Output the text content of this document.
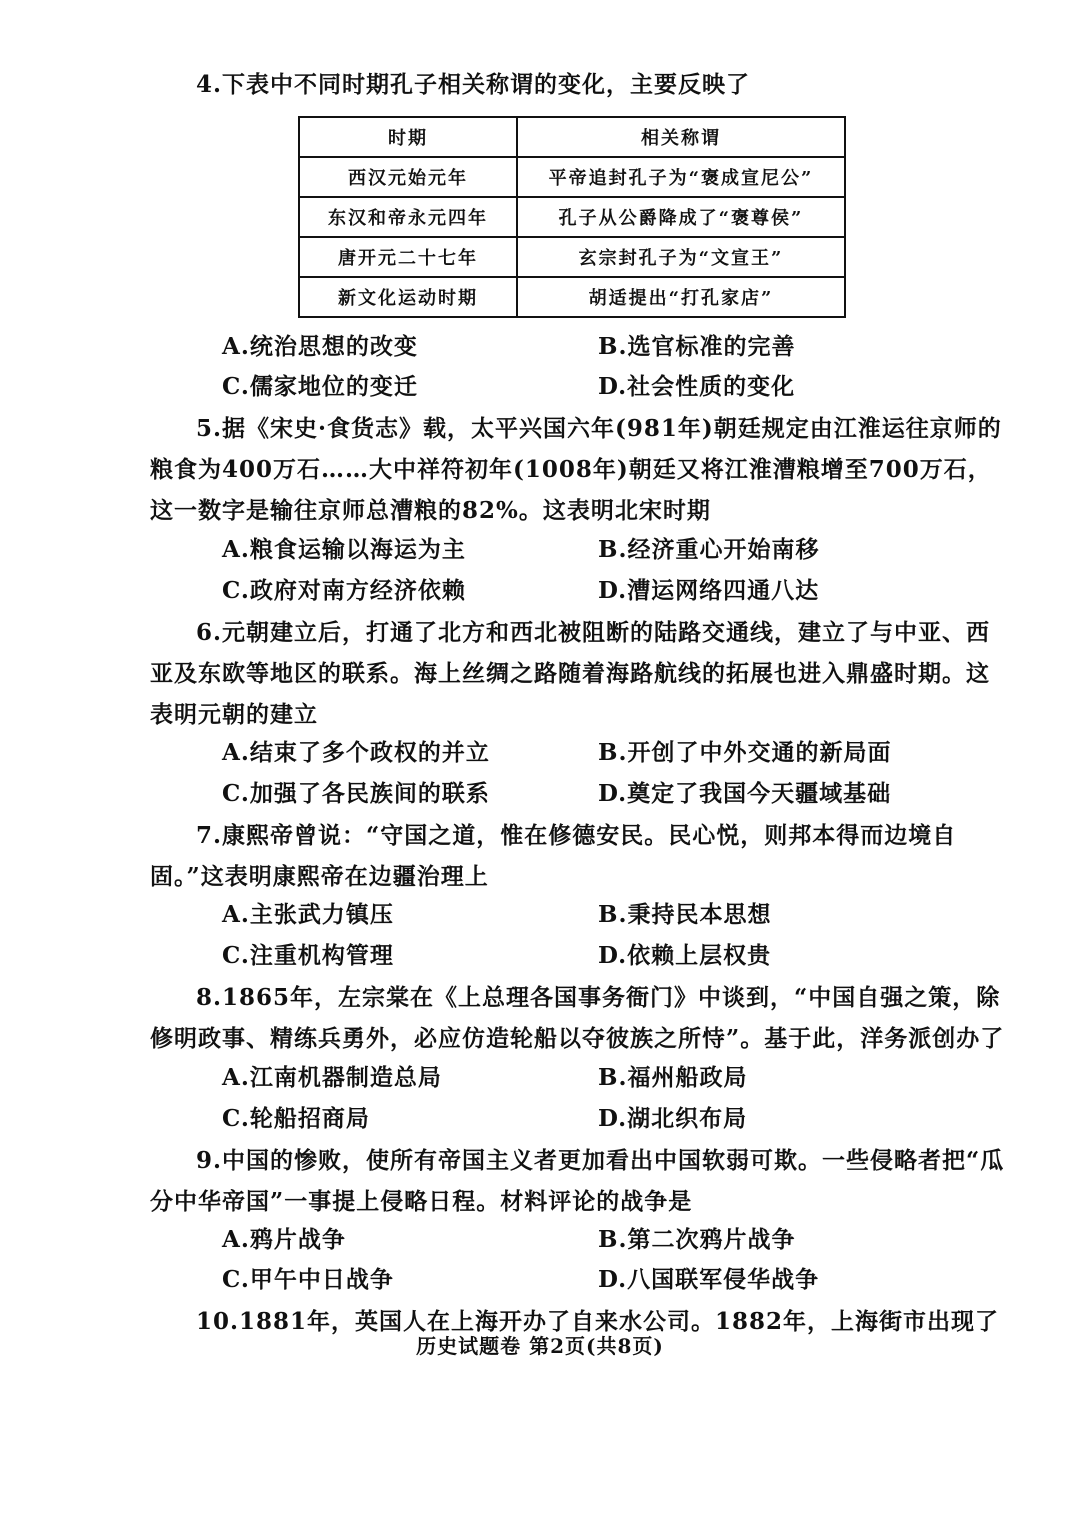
4.下表中不同时期孔子相关称谓的变化，主要反映了
时期	相关称谓
西汉元始元年	平帝追封孔子为“褒成宣尼公”
东汉和帝永元四年	孔子从公爵降成了“褒尊侯”
唐开元二十七年	玄宗封孔子为“文宣王”
新文化运动时期	胡适提出“打孔家店”
A.统治思想的改变	B.选官标准的完善
C.儒家地位的变迁	D.社会性质的变化
5.据《宋史·食货志》载，太平兴国六年(981年)朝廷规定由江淮运往京师的粮食为400万石……大中祥符初年(1008年)朝廷又将江淮漕粮增至700万石，这一数字是输往京师总漕粮的82%。这表明北宋时期
A.粮食运输以海运为主	B.经济重心开始南移
C.政府对南方经济依赖	D.漕运网络四通八达
6.元朝建立后，打通了北方和西北被阻断的陆路交通线，建立了与中亚、西亚及东欧等地区的联系。海上丝绸之路随着海路航线的拓展也进入鼎盛时期。这表明元朝的建立
A.结束了多个政权的并立	B.开创了中外交通的新局面
C.加强了各民族间的联系	D.奠定了我国今天疆域基础
7.康熙帝曾说：“守国之道，惟在修德安民。民心悦，则邦本得而边境自固。”这表明康熙帝在边疆治理上
A.主张武力镇压	B.秉持民本思想
C.注重机构管理	D.依赖上层权贵
8.1865年，左宗棠在《上总理各国事务衙门》中谈到，“中国自强之策，除修明政事、精练兵勇外，必应仿造轮船以夺彼族之所恃”。基于此，洋务派创办了
A.江南机器制造总局	B.福州船政局
C.轮船招商局	D.湖北织布局
9.中国的惨败，使所有帝国主义者更加看出中国软弱可欺。一些侵略者把“瓜分中华帝国”一事提上侵略日程。材料评论的战争是
A.鸦片战争	B.第二次鸦片战争
C.甲午中日战争	D.八国联军侵华战争
10.1881年，英国人在上海开办了自来水公司。1882年，上海街市出现了
历史试题卷 第2页(共8页)
